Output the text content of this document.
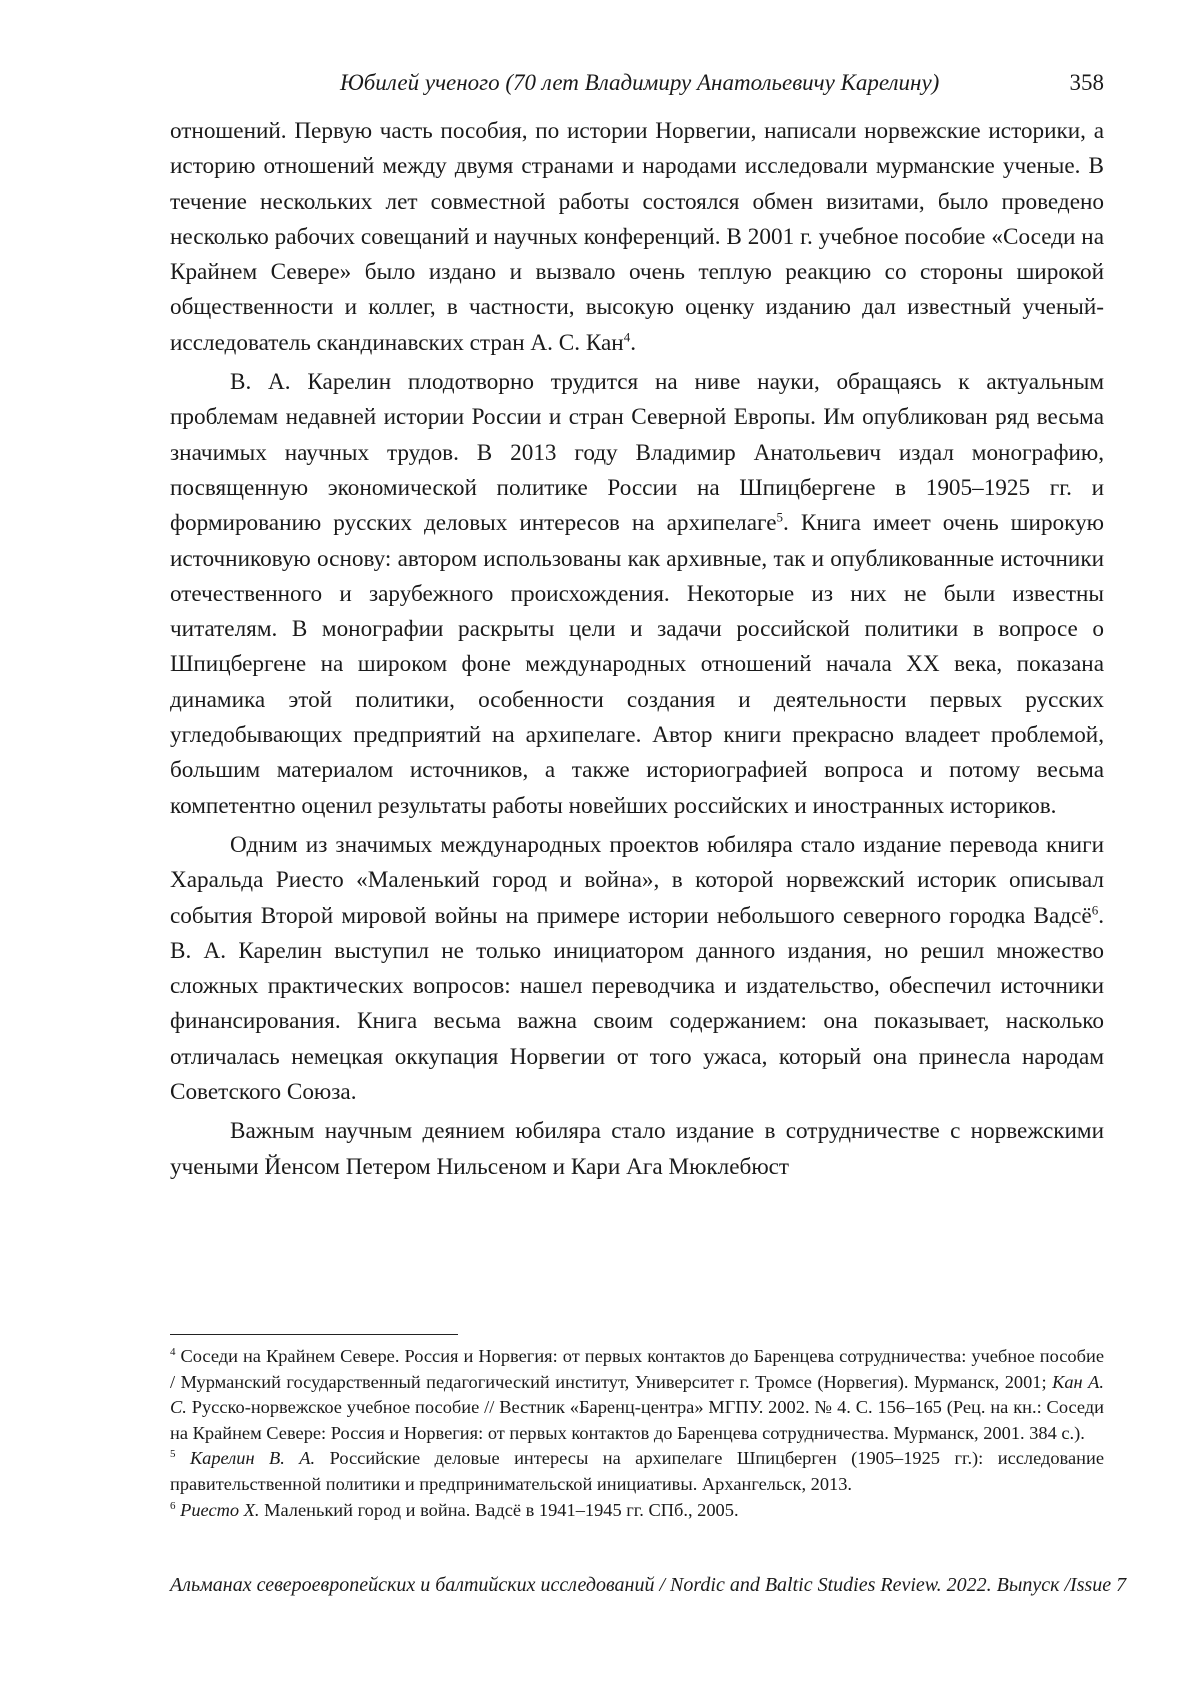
Юбилей ученого (70 лет Владимиру Анатольевичу Карелину)	358

отношений. Первую часть пособия, по истории Норвегии, написали норвежские историки, а историю отношений между двумя странами и народами исследовали мурманские ученые. В течение нескольких лет совместной работы состоялся обмен визитами, было проведено несколько рабочих совещаний и научных конференций. В 2001 г. учебное пособие «Соседи на Крайнем Севере» было издано и вызвало очень теплую реакцию со стороны широкой общественности и коллег, в частности, высокую оценку изданию дал известный ученый-исследователь скандинавских стран А. С. Кан$^4$.

В. А. Карелин плодотворно трудится на ниве науки, обращаясь к актуальным проблемам недавней истории России и стран Северной Европы. Им опубликован ряд весьма значимых научных трудов. В 2013 году Владимир Анатольевич издал монографию, посвященную экономической политике России на Шпицбергене в 1905–1925 гг. и формированию русских деловых интересов на архипелаге$^5$. Книга имеет очень широкую источниковую основу: автором использованы как архивные, так и опубликованные источники отечественного и зарубежного происхождения. Некоторые из них не были известны читателям. В монографии раскрыты цели и задачи российской политики в вопросе о Шпицбергене на широком фоне международных отношений начала XX века, показана динамика этой политики, особенности создания и деятельности первых русских угледобывающих предприятий на архипелаге. Автор книги прекрасно владеет проблемой, большим материалом источников, а также историографией вопроса и потому весьма компетентно оценил результаты работы новейших российских и иностранных историков.

Одним из значимых международных проектов юбиляра стало издание перевода книги Харальда Риесто «Маленький город и война», в которой норвежский историк описывал события Второй мировой войны на примере истории небольшого северного городка Вадсё$^6$. В. А. Карелин выступил не только инициатором данного издания, но решил множество сложных практических вопросов: нашел переводчика и издательство, обеспечил источники финансирования. Книга весьма важна своим содержанием: она показывает, насколько отличалась немецкая оккупация Норвегии от того ужаса, который она принесла народам Советского Союза.

Важным научным деянием юбиляра стало издание в сотрудничестве с норвежскими учеными Йенсом Петером Нильсеном и Кари Ага Мюклебюст

$^4$ Соседи на Крайнем Севере. Россия и Норвегия: от первых контактов до Баренцева сотрудничества: учебное пособие / Мурманский государственный педагогический институт, Университет г. Тромсе (Норвегия). Мурманск, 2001; Кан А. С. Русско-норвежское учебное пособие // Вестник «Баренц-центра» МГПУ. 2002. № 4. С. 156–165 (Рец. на кн.: Соседи на Крайнем Севере: Россия и Норвегия: от первых контактов до Баренцева сотрудничества. Мурманск, 2001. 384 с.).

$^5$ Карелин В. А. Российские деловые интересы на архипелаге Шпицберген (1905–1925 гг.): исследование правительственной политики и предпринимательской инициативы. Архангельск, 2013.

$^6$ Риесто Х. Маленький город и война. Вадсё в 1941–1945 гг. СПб., 2005.

Альманах североевропейских и балтийских исследований / Nordic and Baltic Studies Review. 2022. Выпуск /Issue 7
